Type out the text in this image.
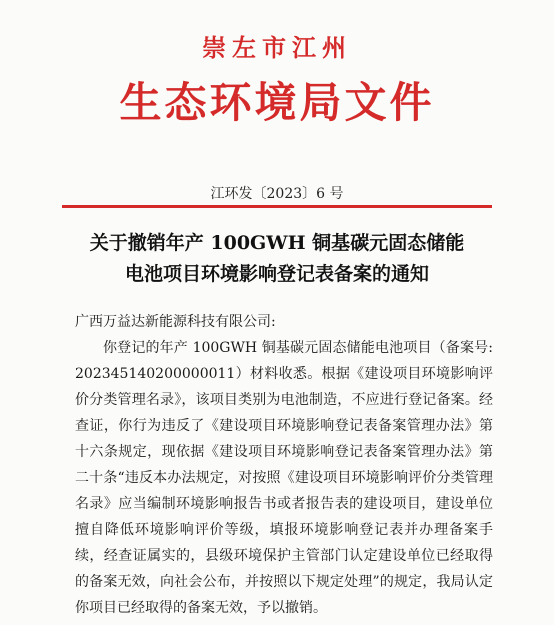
崇左市江州
生态环境局文件
江环发〔2023〕6 号
关于撤销年产 100GWH 铜基碳元固态储能
电池项目环境影响登记表备案的通知
广西万益达新能源科技有限公司:
你登记的年产 100GWH 铜基碳元固态储能电池项目（备案号: 202345140200000011）材料收悉。根据《建设项目环境影响评价分类管理名录》，该项目类别为电池制造，不应进行登记备案。经查证，你行为违反了《建设项目环境影响登记表备案管理办法》第十六条规定，现依据《建设项目环境影响登记表备案管理办法》第二十条“违反本办法规定，对按照《建设项目环境影响评价分类管理名录》应当编制环境影响报告书或者报告表的建设项目，建设单位擅自降低环境影响评价等级，填报环境影响登记表并办理备案手续，经查证属实的，县级环境保护主管部门认定建设单位已经取得的备案无效，向社会公布，并按照以下规定处理”的规定，我局认定你项目已经取得的备案无效，予以撤销。
